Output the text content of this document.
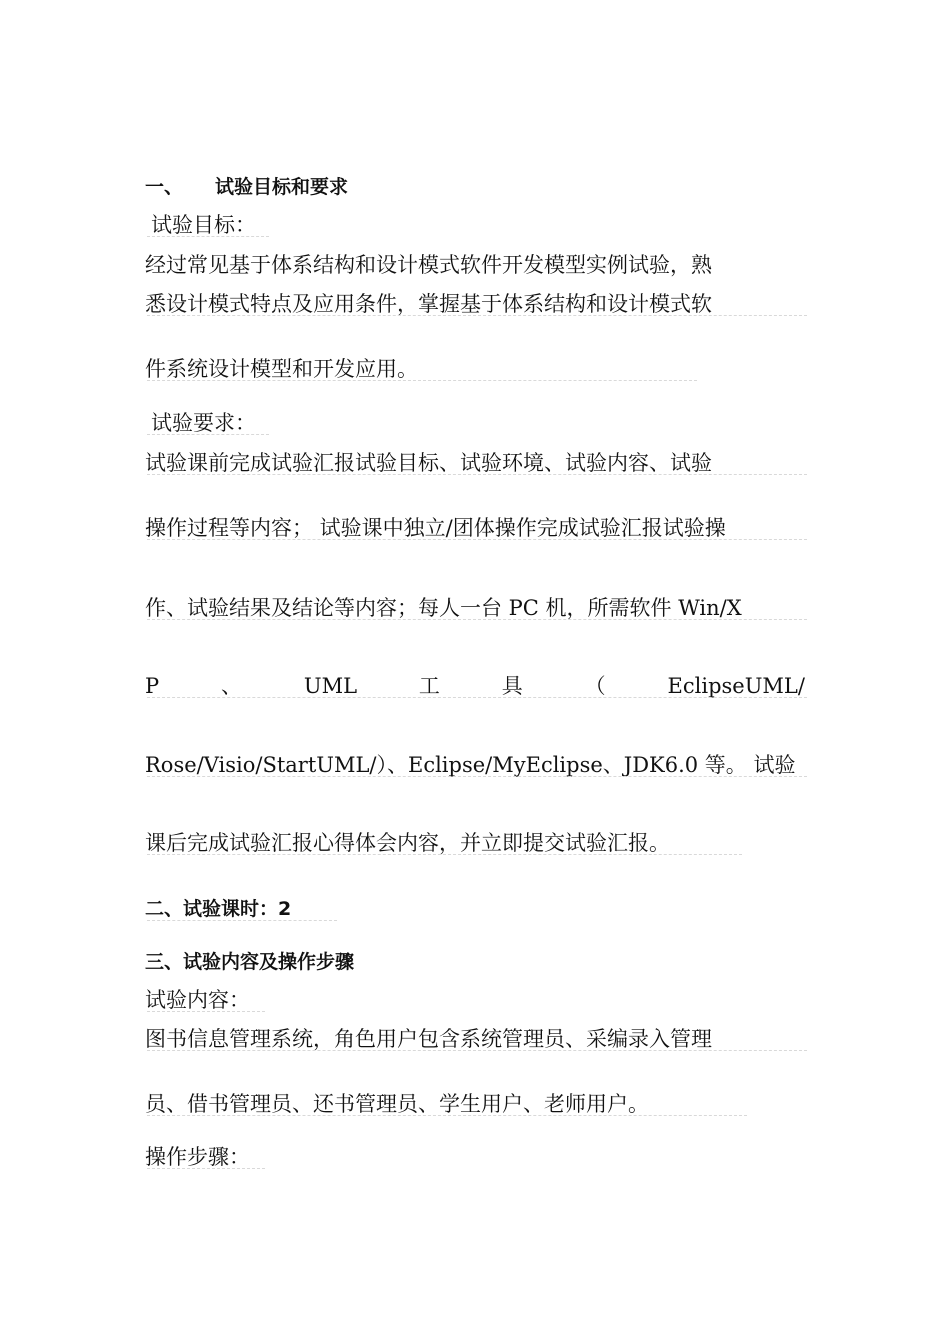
一、 试验目标和要求
试验目标：
经过常见基于体系结构和设计模式软件开发模型实例试验，熟
悉设计模式特点及应用条件，掌握基于体系结构和设计模式软
件系统设计模型和开发应用。
试验要求：
试验课前完成试验汇报试验目标、试验环境、试验内容、试验
操作过程等内容； 试验课中独立/团体操作完成试验汇报试验操
作、试验结果及结论等内容；每人一台 PC 机，所需软件 Win/X
P	、	UML	工	具	（	EclipseUML/
Rose/Visio/StartUML/）、Eclipse/MyEclipse、JDK6.0 等。 试验
课后完成试验汇报心得体会内容，并立即提交试验汇报。
二、试验课时：2
三、试验内容及操作步骤
试验内容：
图书信息管理系统，角色用户包含系统管理员、采编录入管理
员、借书管理员、还书管理员、学生用户、老师用户。
操作步骤：
